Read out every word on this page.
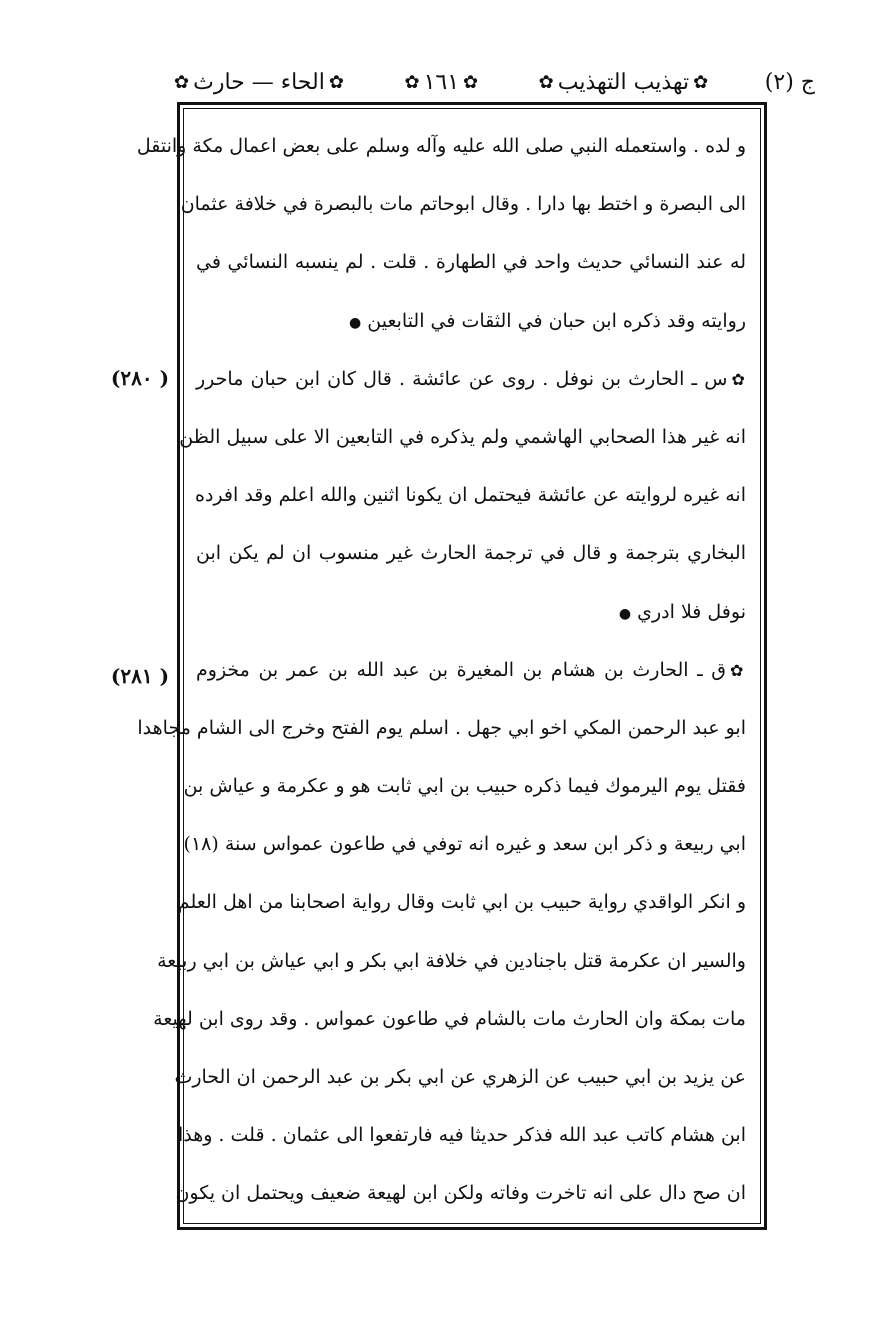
ج (٢)
✿
تهذيب التهذيب
✿
✿
١٦١
✿
✿
الحاء — حارث
✿
( ٢٨٠)
( ٢٨١)
و لده . واستعمله النبي صلى الله عليه وآله وسلم على بعض اعمال مكة وانتقل
الى البصرة و اختط بها دارا . وقال ابوحاتم مات بالبصرة في خلافة عثمان
له عند النسائي حديث واحد في الطهارة . قلت . لم ينسبه النسائي في
روايته وقد ذكره ابن حبان في الثقات في التابعين●
✿س ـ الحارث بن نوفل . روى عن عائشة . قال كان ابن حبان ماحرر
انه غير هذا الصحابي الهاشمي ولم يذكره في التابعين الا على سبيل الظن
انه غيره لروايته عن عائشة فيحتمل ان يكونا اثنين والله اعلم وقد افرده
البخاري بترجمة و قال في ترجمة الحارث غير منسوب ان لم يكن ابن
نوفل فلا ادري●
✿ق ـ الحارث بن هشام بن المغيرة بن عبد الله بن عمر بن مخزوم
ابو عبد الرحمن المكي اخو ابي جهل . اسلم يوم الفتح وخرج الى الشام مجاهدا
فقتل يوم اليرموك فيما ذكره حبيب بن ابي ثابت هو و عكرمة و عياش بن
ابي ربيعة و ذكر ابن سعد و غيره انه توفي في طاعون عمواس سنة (١٨)
و انكر الواقدي رواية حبيب بن ابي ثابت وقال رواية اصحابنا من اهل العلم
والسير ان عكرمة قتل باجنادين في خلافة ابي بكر و ابي عياش بن ابي ربيعة
مات بمكة وان الحارث مات بالشام في طاعون عمواس . وقد روى ابن لهيعة
عن يزيد بن ابي حبيب عن الزهري عن ابي بكر بن عبد الرحمن ان الحارث
ابن هشام كاتب عبد الله فذكر حديثا فيه فارتفعوا الى عثمان . قلت . وهذا
ان صح دال على انه تاخرت وفاته ولكن ابن لهيعة ضعيف ويحتمل ان يكون
